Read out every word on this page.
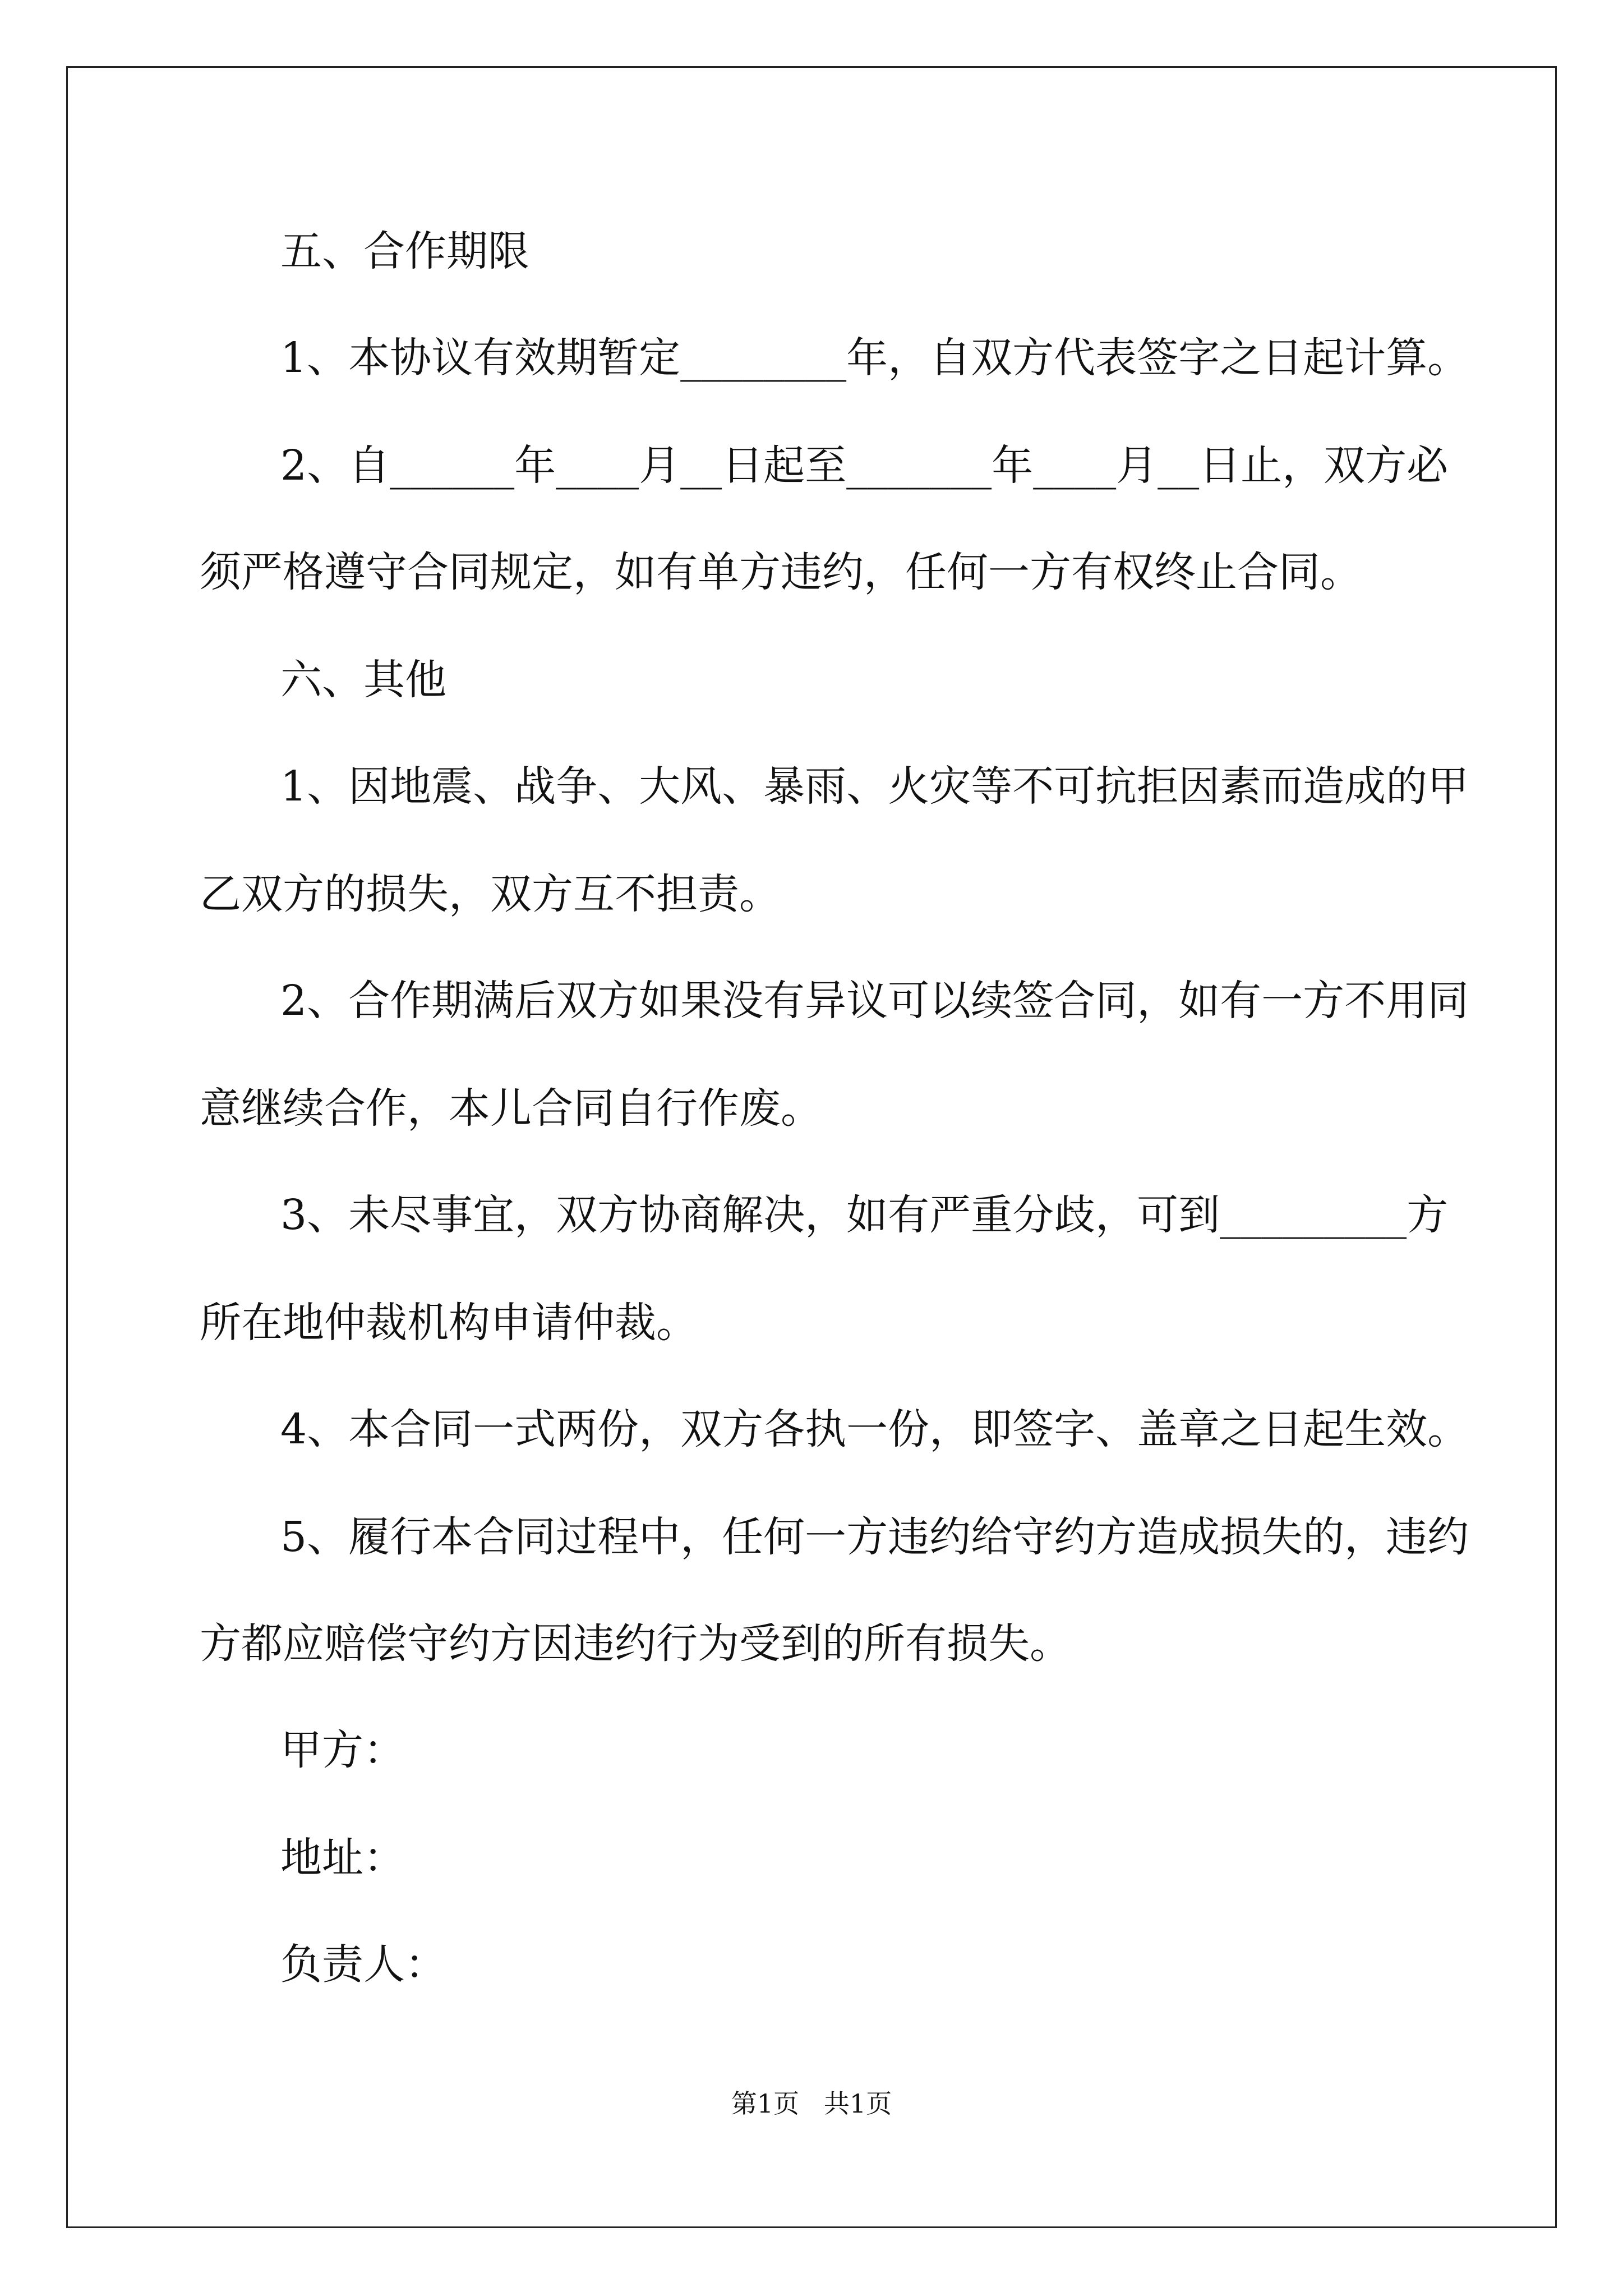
五、合作期限
1、本协议有效期暂定________年，自双方代表签字之日起计算。
2、自______年____月__日起至_______年____月__日止，双方必
须严格遵守合同规定，如有单方违约，任何一方有权终止合同。
六、其他
1、因地震、战争、大风、暴雨、火灾等不可抗拒因素而造成的甲
乙双方的损失，双方互不担责。
2、合作期满后双方如果没有异议可以续签合同，如有一方不用同
意继续合作，本儿合同自行作废。
3、未尽事宜，双方协商解决，如有严重分歧，可到_________方
所在地仲裁机构申请仲裁。
4、本合同一式两份，双方各执一份，即签字、盖章之日起生效。
5、履行本合同过程中，任何一方违约给守约方造成损失的，违约
方都应赔偿守约方因违约行为受到的所有损失。
甲方：
地址：
负责人：
第1页   共1页
